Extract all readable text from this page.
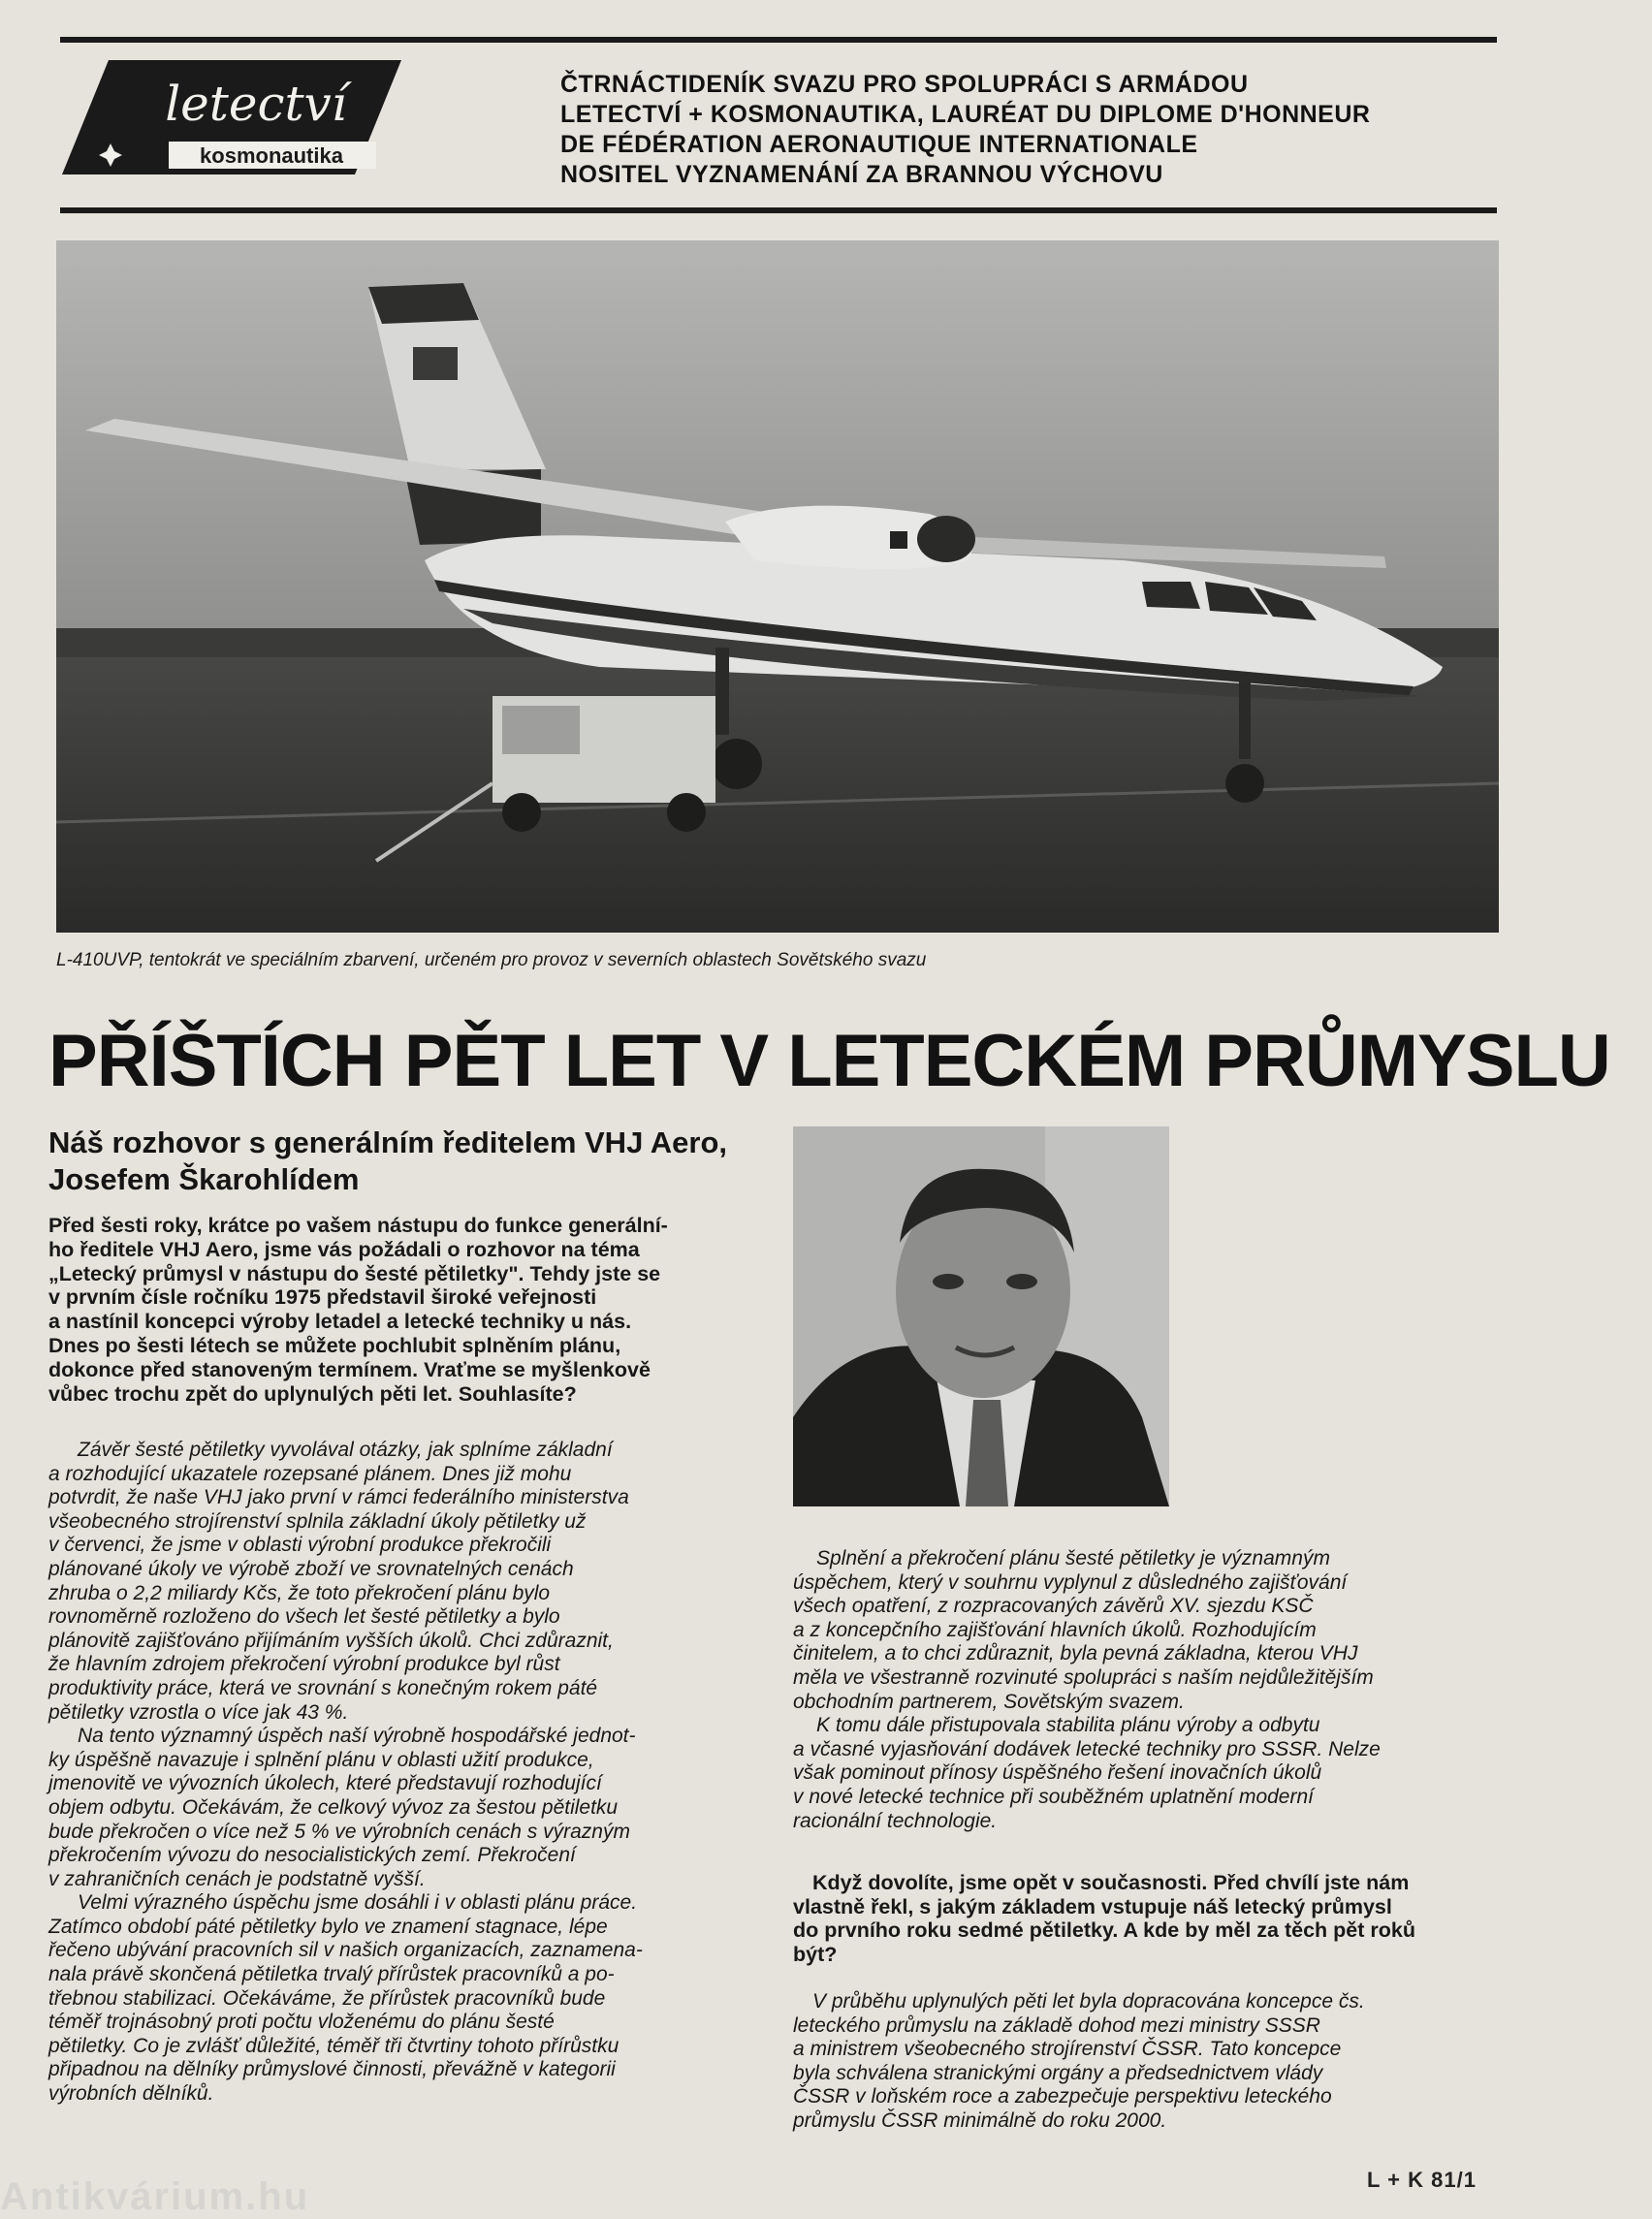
letectví
kosmonautika
ČTRNÁCTIDENÍK SVAZU PRO SPOLUPRÁCI S ARMÁDOU
LETECTVÍ + KOSMONAUTIKA, LAURÉAT DU DIPLOME D'HONNEUR
DE FÉDÉRATION AERONAUTIQUE INTERNATIONALE
NOSITEL VYZNAMENÁNÍ ZA BRANNOU VÝCHOVU
L-410UVP, tentokrát ve speciálním zbarvení, určeném pro provoz v severních oblastech Sovětského svazu
PŘÍŠTÍCH PĚT LET V LETECKÉM PRŮMYSLU
Náš rozhovor s generálním ředitelem VHJ Aero,
Josefem Škarohlídem
Před šesti roky, krátce po vašem nástupu do funkce generální-
ho ředitele VHJ Aero, jsme vás požádali o rozhovor na téma
„Letecký průmysl v nástupu do šesté pětiletky". Tehdy jste se
v prvním čísle ročníku 1975 představil široké veřejnosti
a nastínil koncepci výroby letadel a letecké techniky u nás.
Dnes po šesti létech se můžete pochlubit splněním plánu,
dokonce před stanoveným termínem. Vraťme se myšlenkově
vůbec trochu zpět do uplynulých pěti let. Souhlasíte?
Závěr šesté pětiletky vyvolával otázky, jak splníme základní
a rozhodující ukazatele rozepsané plánem. Dnes již mohu
potvrdit, že naše VHJ jako první v rámci federálního ministerstva
všeobecného strojírenství splnila základní úkoly pětiletky už
v červenci, že jsme v oblasti výrobní produkce překročili
plánované úkoly ve výrobě zboží ve srovnatelných cenách
zhruba o 2,2 miliardy Kčs, že toto překročení plánu bylo
rovnoměrně rozloženo do všech let šesté pětiletky a bylo
plánovitě zajišťováno přijímáním vyšších úkolů. Chci zdůraznit,
že hlavním zdrojem překročení výrobní produkce byl růst
produktivity práce, která ve srovnání s konečným rokem páté
pětiletky vzrostla o více jak 43 %.
Na tento významný úspěch naší výrobně hospodářské jednot-
ky úspěšně navazuje i splnění plánu v oblasti užití produkce,
jmenovitě ve vývozních úkolech, které představují rozhodující
objem odbytu. Očekávám, že celkový vývoz za šestou pětiletku
bude překročen o více než 5 % ve výrobních cenách s výrazným
překročením vývozu do nesocialistických zemí. Překročení
v zahraničních cenách je podstatně vyšší.
Velmi výrazného úspěchu jsme dosáhli i v oblasti plánu práce.
Zatímco období páté pětiletky bylo ve znamení stagnace, lépe
řečeno ubývání pracovních sil v našich organizacích, zaznamena-
nala právě skončená pětiletka trvalý přírůstek pracovníků a po-
třebnou stabilizaci. Očekáváme, že přírůstek pracovníků bude
téměř trojnásobný proti počtu vloženému do plánu šesté
pětiletky. Co je zvlášť důležité, téměř tři čtvrtiny tohoto přírůstku
připadnou na dělníky průmyslové činnosti, převážně v kategorii
výrobních dělníků.
Splnění a překročení plánu šesté pětiletky je významným
úspěchem, který v souhrnu vyplynul z důsledného zajišťování
všech opatření, z rozpracovaných závěrů XV. sjezdu KSČ
a z koncepčního zajišťování hlavních úkolů. Rozhodujícím
činitelem, a to chci zdůraznit, byla pevná základna, kterou VHJ
měla ve všestranně rozvinuté spolupráci s naším nejdůležitějším
obchodním partnerem, Sovětským svazem.
K tomu dále přistupovala stabilita plánu výroby a odbytu
a včasné vyjasňování dodávek letecké techniky pro SSSR. Nelze
však pominout přínosy úspěšného řešení inovačních úkolů
v nové letecké technice při souběžném uplatnění moderní
racionální technologie.
Když dovolíte, jsme opět v současnosti. Před chvílí jste nám
vlastně řekl, s jakým základem vstupuje náš letecký průmysl
do prvního roku sedmé pětiletky. A kde by měl za těch pět roků
být?
V průběhu uplynulých pěti let byla dopracována koncepce čs.
leteckého průmyslu na základě dohod mezi ministry SSSR
a ministrem všeobecného strojírenství ČSSR. Tato koncepce
byla schválena stranickými orgány a předsednictvem vlády
ČSSR v loňském roce a zabezpečuje perspektivu leteckého
průmyslu ČSSR minimálně do roku 2000.
L + K 81/1
Antikvárium.hu
